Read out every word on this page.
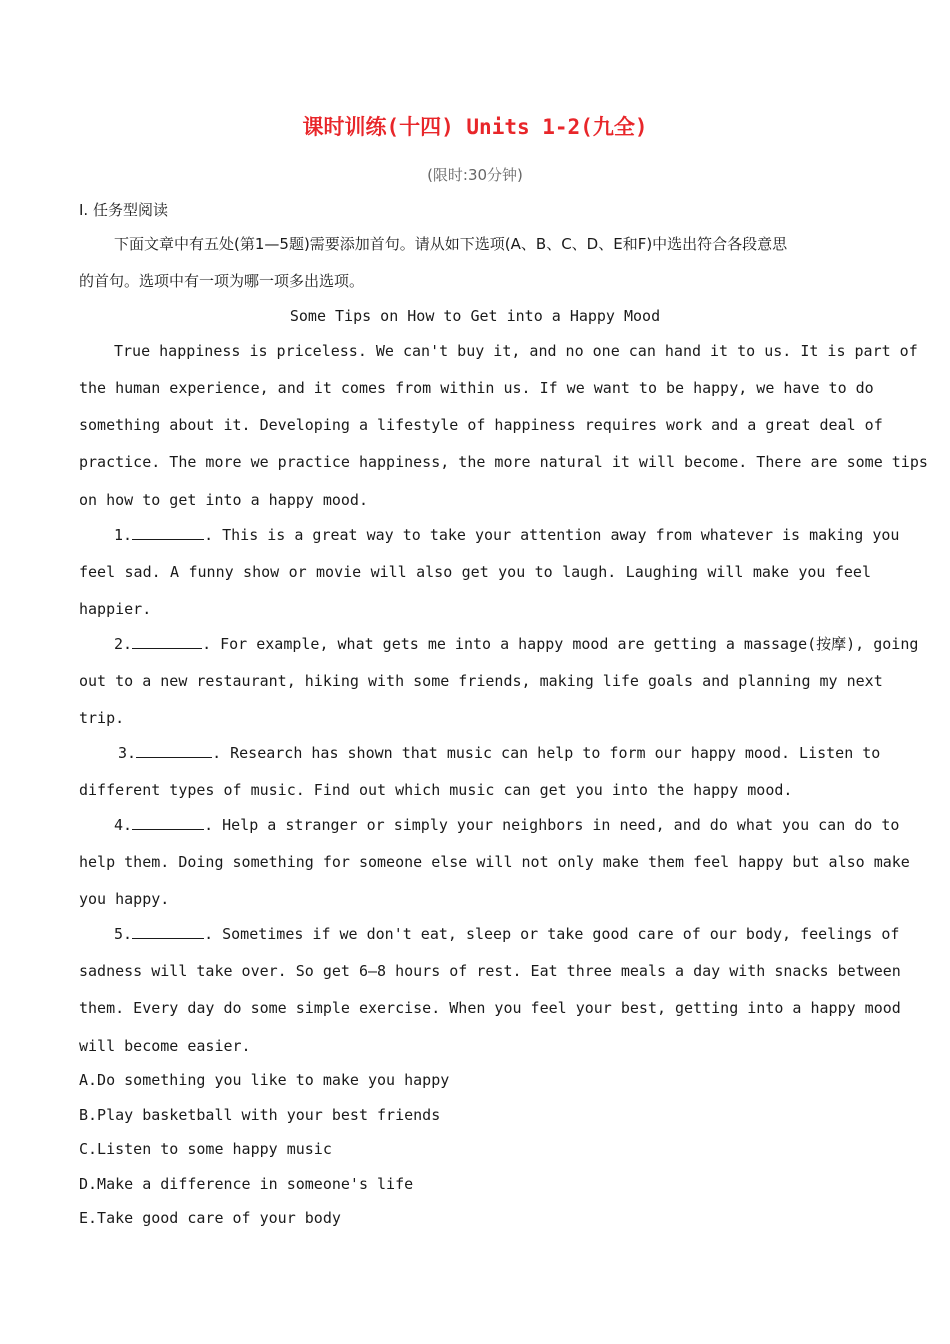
课时训练(十四) Units 1-2(九全)
(限时:30分钟)
Ⅰ. 任务型阅读
下面文章中有五处(第1—5题)需要添加首句。请从如下选项(A、B、C、D、E和F)中选出符合各段意思
的首句。选项中有一项为哪一项多出选项。
Some Tips on How to Get into a Happy Mood
True happiness is priceless. We can't buy it, and no one can hand it to us. It is part of
the human experience, and it comes from within us. If we want to be happy, we have to do
something about it. Developing a lifestyle of happiness requires work and a great deal of
practice. The more we practice happiness, the more natural it will become. There are some tips
on how to get into a happy mood.
1.	. This is a great way to take your attention away from whatever is making you
feel sad. A funny show or movie will also get you to laugh. Laughing will make you feel
happier.
2.	. For example, what gets me into a happy mood are getting a massage(按摩), going
out to a new restaurant, hiking with some friends, making life goals and planning my next
trip.
3.	. Research has shown that music can help to form our happy mood. Listen to
different types of music. Find out which music can get you into the happy mood.
4.	. Help a stranger or simply your neighbors in need, and do what you can do to
help them. Doing something for someone else will not only make them feel happy but also make
you happy.
5.	. Sometimes if we don't eat, sleep or take good care of our body, feelings of
sadness will take over. So get 6—8 hours of rest. Eat three meals a day with snacks between
them. Every day do some simple exercise. When you feel your best, getting into a happy mood
will become easier.
A.Do something you like to make you happy
B.Play basketball with your best friends
C.Listen to some happy music
D.Make a difference in someone's life
E.Take good care of your body
